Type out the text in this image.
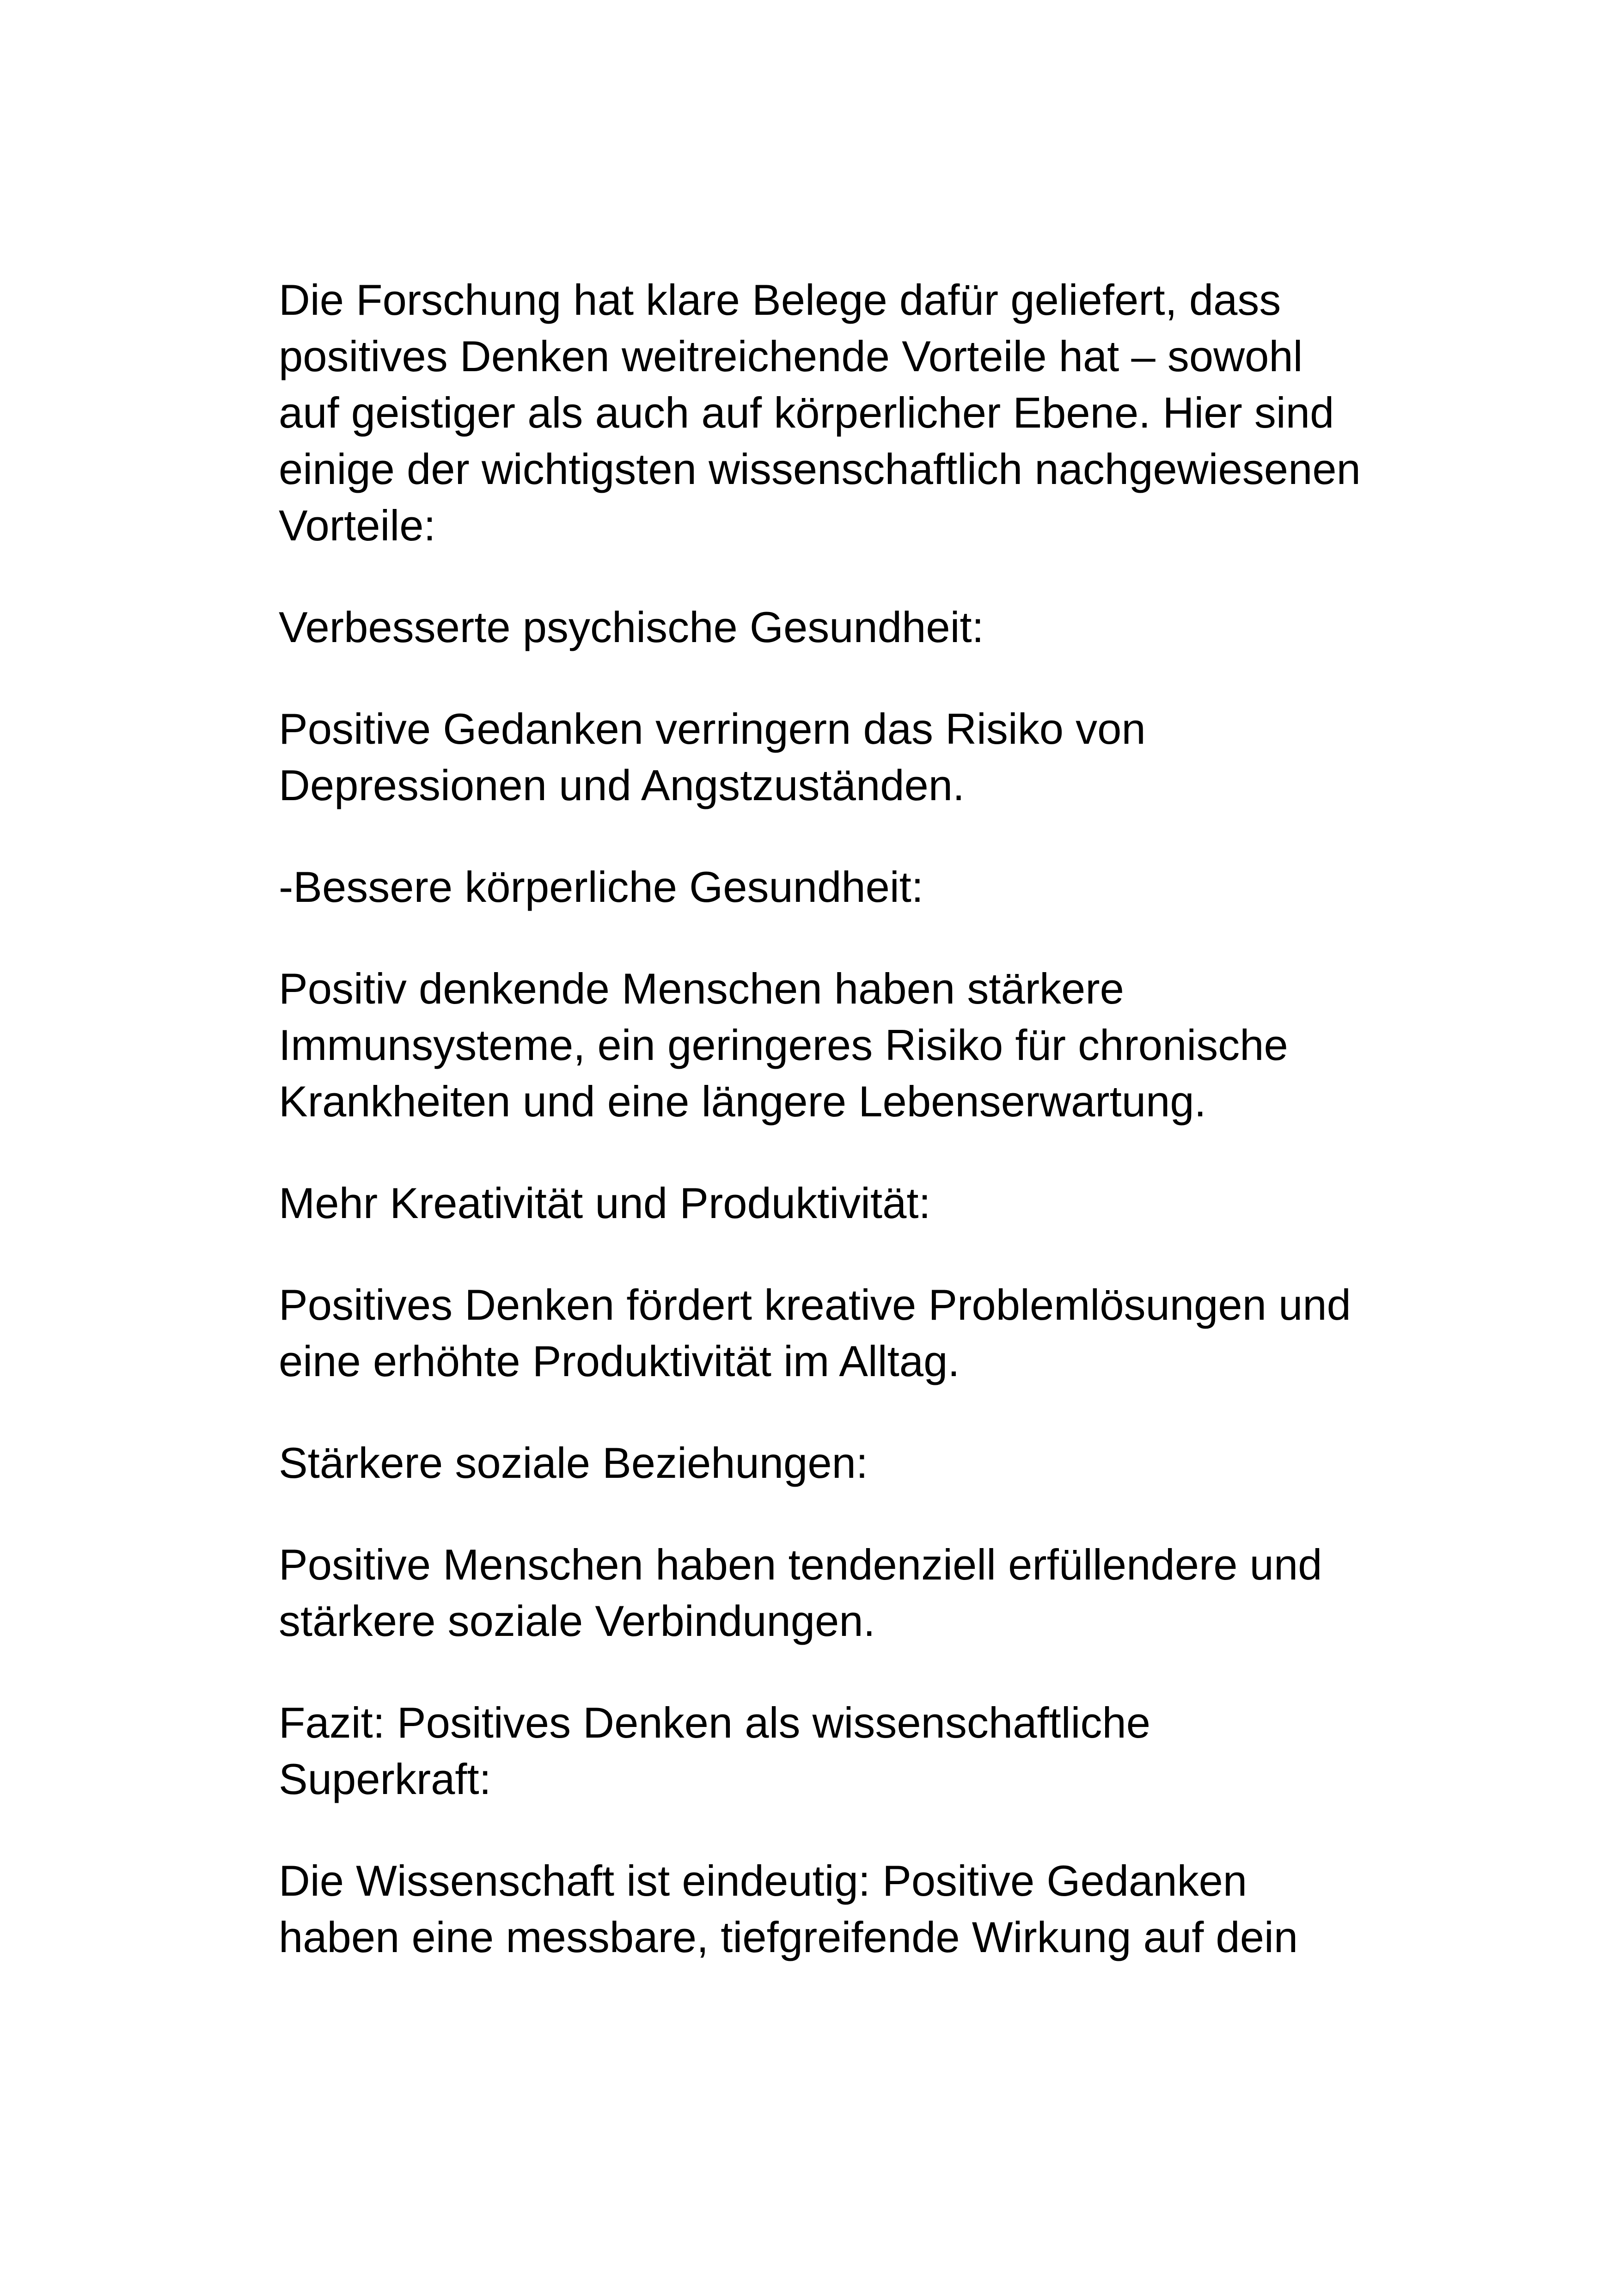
Die Forschung hat klare Belege dafür geliefert, dass
positives Denken weitreichende Vorteile hat – sowohl
auf geistiger als auch auf körperlicher Ebene. Hier sind
einige der wichtigsten wissenschaftlich nachgewiesenen
Vorteile:

Verbesserte psychische Gesundheit:

Positive Gedanken verringern das Risiko von
Depressionen und Angstzuständen.

-Bessere körperliche Gesundheit:

Positiv denkende Menschen haben stärkere
Immunsysteme, ein geringeres Risiko für chronische
Krankheiten und eine längere Lebenserwartung.

Mehr Kreativität und Produktivität:

Positives Denken fördert kreative Problemlösungen und
eine erhöhte Produktivität im Alltag.

Stärkere soziale Beziehungen:

Positive Menschen haben tendenziell erfüllendere und
stärkere soziale Verbindungen.

Fazit: Positives Denken als wissenschaftliche
Superkraft:

Die Wissenschaft ist eindeutig: Positive Gedanken
haben eine messbare, tiefgreifende Wirkung auf dein
